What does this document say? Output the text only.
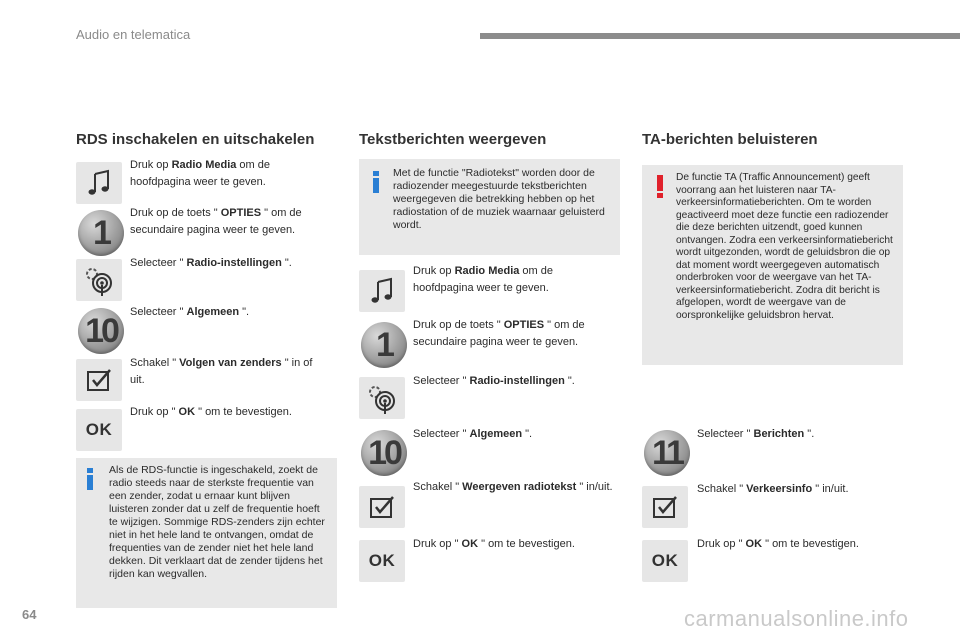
Audio en telematica
RDS inschakelen en uitschakelen
Druk op Radio Media om de hoofdpagina weer te geven.
1
Druk op de toets " OPTIES " om de secundaire pagina weer te geven.
Selecteer " Radio-instellingen ".
10	Selecteer " Algemeen ".
Schakel " Volgen van zenders " in of uit.
OK
Druk op " OK " om te bevestigen.
Als de RDS-functie is ingeschakeld, zoekt de radio steeds naar de sterkste frequentie van een zender, zodat u ernaar kunt blijven luisteren zonder dat u zelf de frequentie hoeft te wijzigen. Sommige RDS-zenders zijn echter niet in het hele land te ontvangen, omdat de frequenties van de zender niet het hele land dekken. Dit verklaart dat de zender tijdens het rijden kan wegvallen.
Tekstberichten weergeven
Met de functie "Radiotekst" worden door de radiozender meegestuurde tekstberichten weergegeven die betrekking hebben op het radiostation of de muziek waarnaar geluisterd wordt.
Druk op Radio Media om de hoofdpagina weer te geven.
1
Druk op de toets " OPTIES " om de secundaire pagina weer te geven.
Selecteer " Radio-instellingen ".
10	Selecteer " Algemeen ".
Schakel " Weergeven radiotekst " in/uit.
OK
Druk op " OK " om te bevestigen.
TA-berichten beluisteren
De functie TA (Traffic Announcement) geeft voorrang aan het luisteren naar TA-verkeersinformatieberichten. Om te worden geactiveerd moet deze functie een radiozender die deze berichten uitzendt, goed kunnen ontvangen. Zodra een verkeersinformatiebericht wordt uitgezonden, wordt de geluidsbron die op dat moment wordt weergegeven automatisch onderbroken voor de weergave van het TA-verkeersinformatiebericht. Zodra dit bericht is afgelopen, wordt de weergave van de oorspronkelijke geluidsbron hervat.
11	Selecteer " Berichten ".
Schakel " Verkeersinfo " in/uit.
OK
Druk op " OK " om te bevestigen.
64	carmanualsonline.info
